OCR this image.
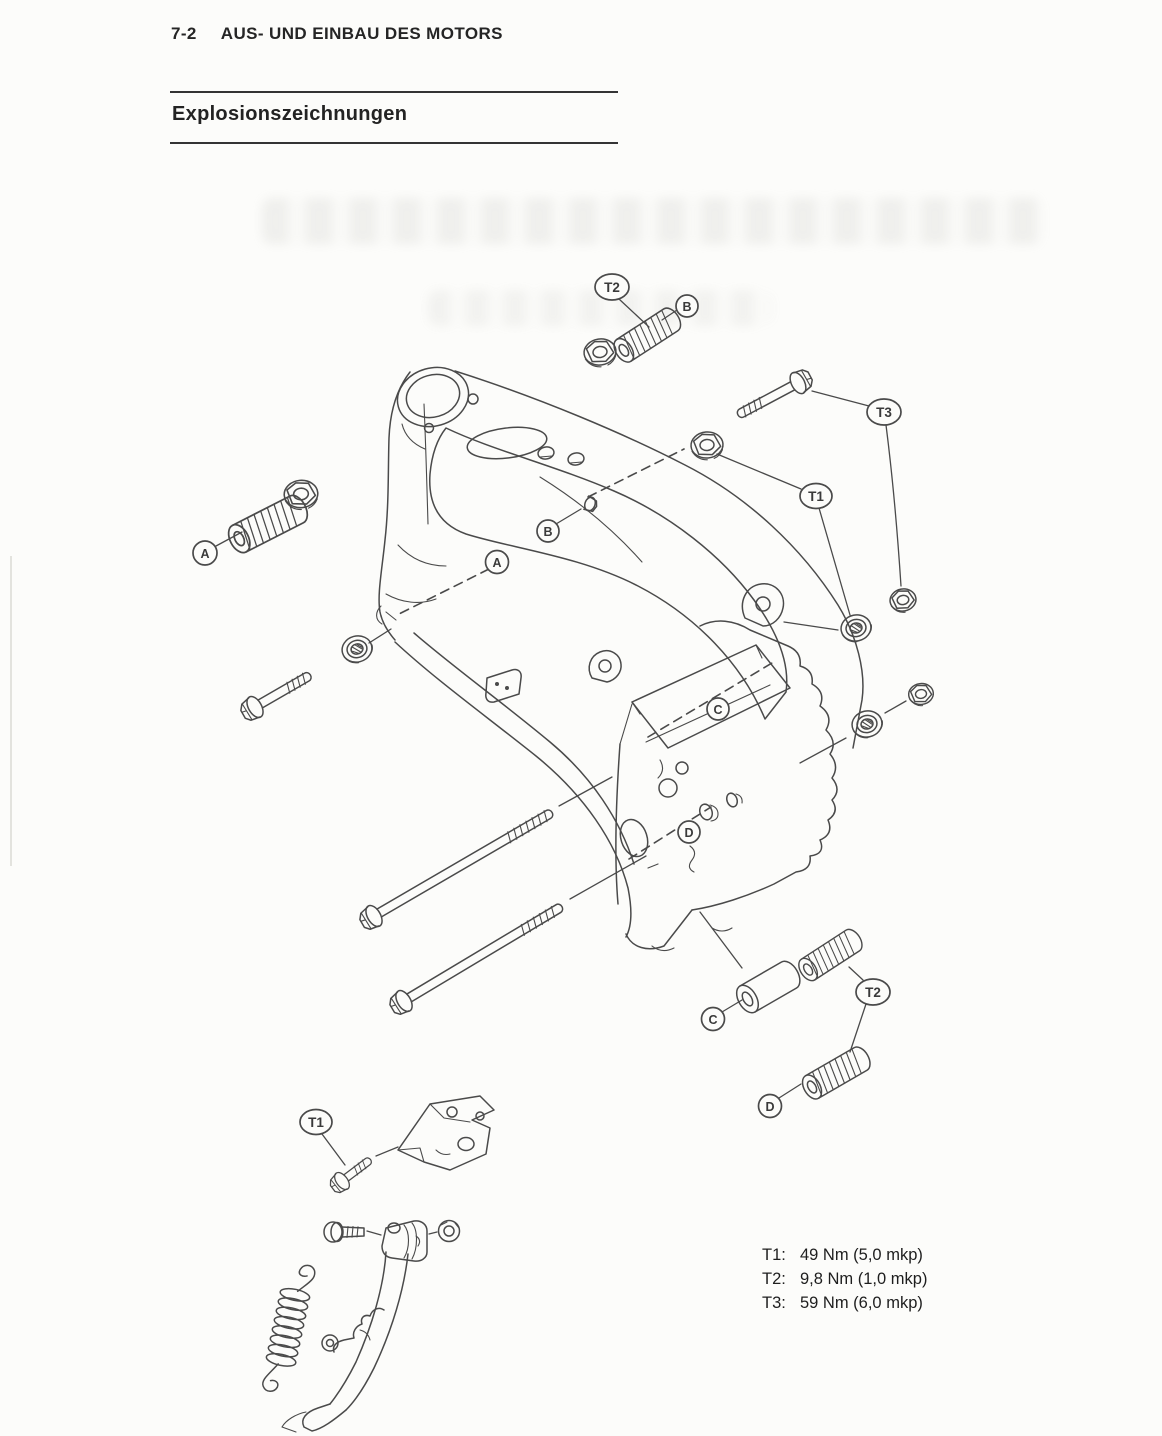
7-2 AUS- UND EINBAU DES MOTORS
Explosionszeichnungen
T2
B
T3
T1
B
A
A
C
D
C
T2
D
T1
T1: 49 Nm (5,0 mkp)
T2: 9,8 Nm (1,0 mkp)
T3: 59 Nm (6,0 mkp)
